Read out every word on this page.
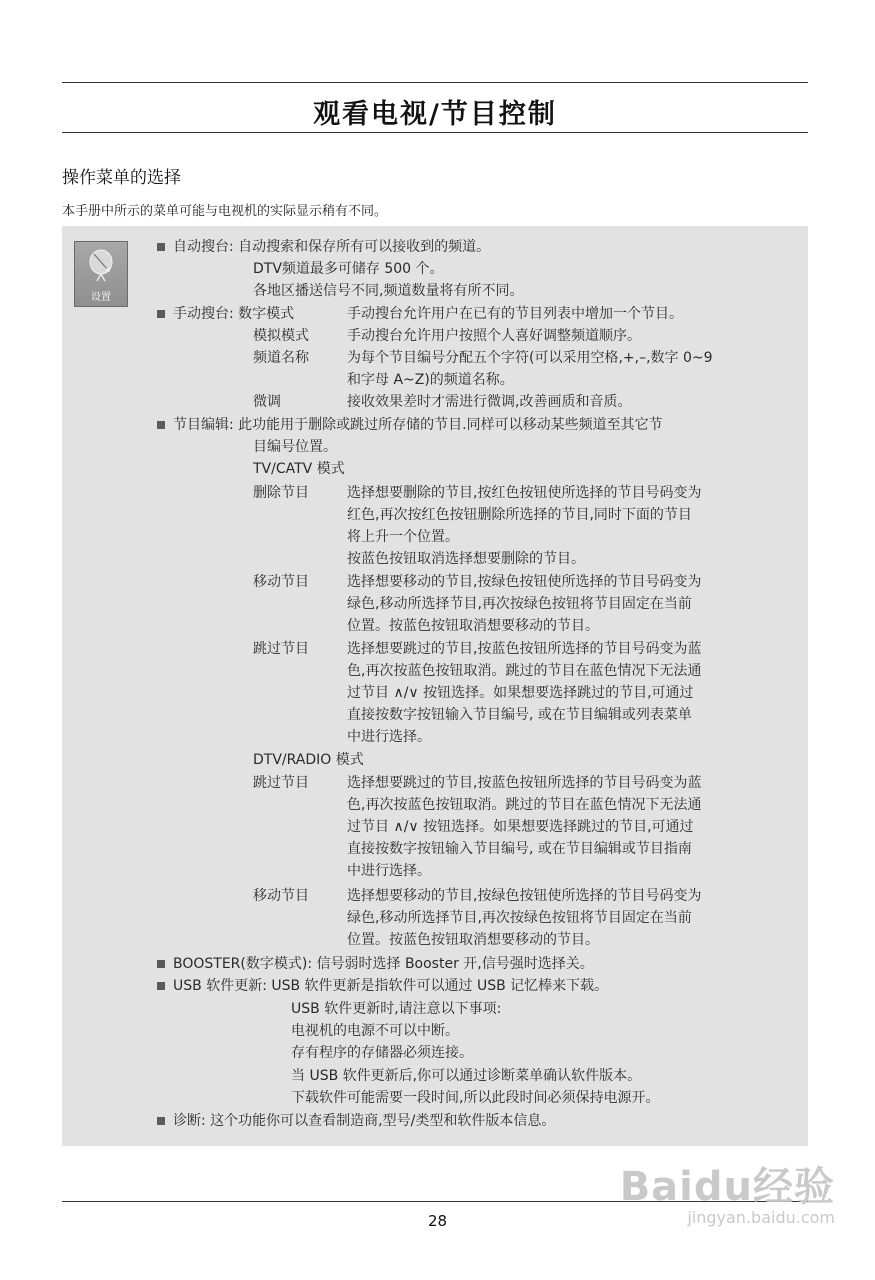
观看电视/节目控制
操作菜单的选择
本手册中所示的菜单可能与电视机的实际显示稍有不同。
设置
自动搜台: 自动搜索和保存所有可以接收到的频道。
DTV频道最多可储存 500 个。
各地区播送信号不同,频道数量将有所不同。
手动搜台: 数字模式	手动搜台允许用户在已有的节目列表中增加一个节目。
模拟模式	手动搜台允许用户按照个人喜好调整频道顺序。
频道名称	为每个节目编号分配五个字符(可以采用空格,+,–,数字 0~9
和字母 A~Z)的频道名称。
微调	接收效果差时才需进行微调,改善画质和音质。
节目编辑: 此功能用于删除或跳过所存储的节目.同样可以移动某些频道至其它节
目编号位置。
TV/CATV 模式
删除节目	选择想要删除的节目,按红色按钮使所选择的节目号码变为
红色,再次按红色按钮删除所选择的节目,同时下面的节目
将上升一个位置。
按蓝色按钮取消选择想要删除的节目。
移动节目	选择想要移动的节目,按绿色按钮使所选择的节目号码变为
绿色,移动所选择节目,再次按绿色按钮将节目固定在当前
位置。按蓝色按钮取消想要移动的节目。
跳过节目	选择想要跳过的节目,按蓝色按钮所选择的节目号码变为蓝
色,再次按蓝色按钮取消。跳过的节目在蓝色情况下无法通
过节目 ∧/∨ 按钮选择。如果想要选择跳过的节目,可通过
直接按数字按钮输入节目编号, 或在节目编辑或列表菜单
中进行选择。
DTV/RADIO 模式
跳过节目	选择想要跳过的节目,按蓝色按钮所选择的节目号码变为蓝
色,再次按蓝色按钮取消。跳过的节目在蓝色情况下无法通
过节目 ∧/∨ 按钮选择。如果想要选择跳过的节目,可通过
直接按数字按钮输入节目编号, 或在节目编辑或节目指南
中进行选择。
移动节目	选择想要移动的节目,按绿色按钮使所选择的节目号码变为
绿色,移动所选择节目,再次按绿色按钮将节目固定在当前
位置。按蓝色按钮取消想要移动的节目。
BOOSTER(数字模式): 信号弱时选择 Booster 开,信号强时选择关。
USB 软件更新: USB 软件更新是指软件可以通过 USB 记忆棒来下载。
USB 软件更新时,请注意以下事项:
电视机的电源不可以中断。
存有程序的存储器必须连接。
当 USB 软件更新后,你可以通过诊断菜单确认软件版本。
下载软件可能需要一段时间,所以此段时间必须保持电源开。
诊断: 这个功能你可以查看制造商,型号/类型和软件版本信息。
28
Baidu经验
jingyan.baidu.com
